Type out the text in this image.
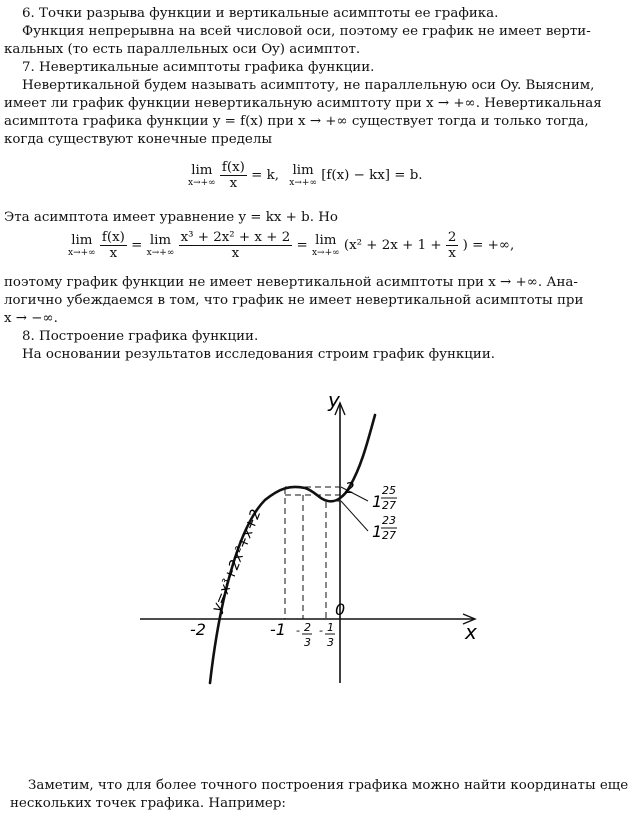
6. Точки разрыва функции и вертикальные асимптоты ее графика.
Функция непрерывна на всей числовой оси, поэтому ее график не имеет верти-
кальных (то есть параллельных оси Oy) асимптот.
7. Невертикальные асимптоты графика функции.
Невертикальной будем называть асимптоту, не параллельную оси Oy. Выясним,
имеет ли график функции невертикальную асимптоту при x → +∞. Невертикальная
асимптота графика функции y = f(x) при x → +∞ существует тогда и только тогда,
когда существуют конечные пределы
lim
x→+∞
$\frac{f(x)}{x} = k$, lim
x→+∞ [f(x) − kx] = b.
Эта асимптота имеет уравнение y = kx + b. Но
lim
x→+∞
$\frac{f(x)}{x} = \lim$
x→+∞
$\frac{\text{x³ + 2x² + x + 2}}{x} = \lim$
x→+∞ ($x^2 + 2x + 1 + \frac{2}{x}$ ) = +∞,
поэтому график функции не имеет невертикальной асимптоты при x → +∞. Ана-
логично убеждаемся в том, что график не имеет невертикальной асимптоты при
x → −∞.
8. Построение графика функции.
На основании результатов исследования строим график функции.
y
x
0
2
-2	-1 - 2
3
- 1
3
1
25
27
1
23
27
y=x³+2x²+x+2
Заметим, что для более точного построения графика можно найти координаты еще
нескольких точек графика. Например:
